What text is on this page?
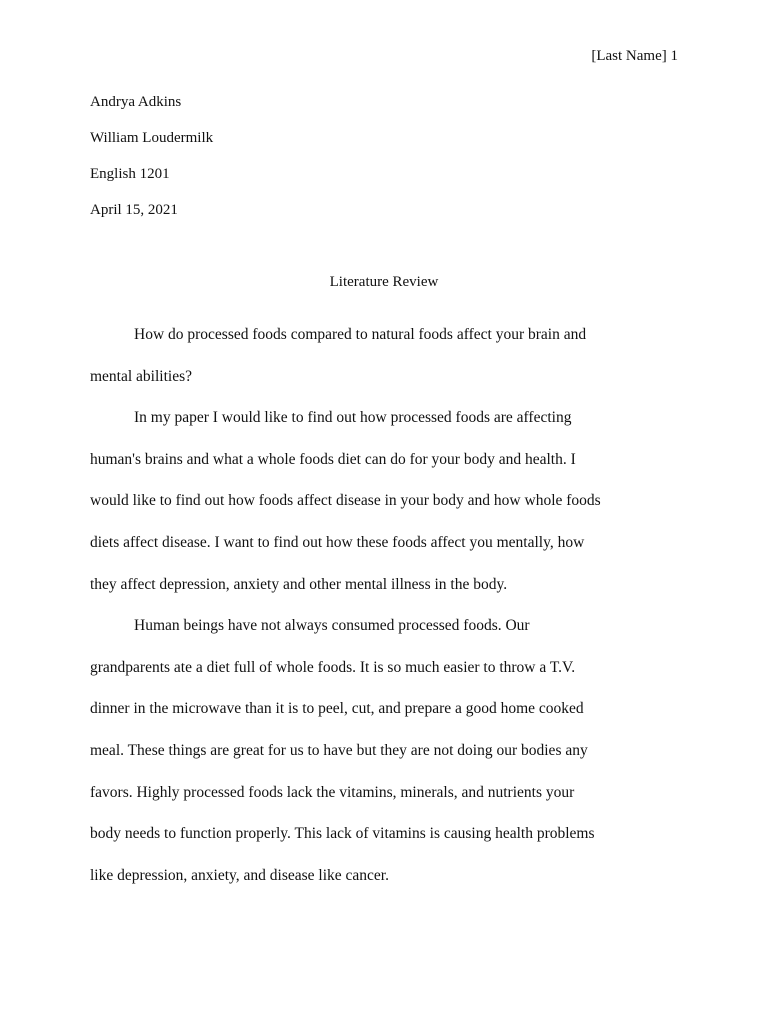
[Last Name] 1
Andrya Adkins
William Loudermilk
English 1201
April 15, 2021
Literature Review

How do processed foods compared to natural foods affect your brain and
mental abilities?

In my paper I would like to find out how processed foods are affecting
human's brains and what a whole foods diet can do for your body and health. I
would like to find out how foods affect disease in your body and how whole foods
diets affect disease. I want to find out how these foods affect you mentally, how
they affect depression, anxiety and other mental illness in the body.

Human beings have not always consumed processed foods. Our
grandparents ate a diet full of whole foods. It is so much easier to throw a T.V.
dinner in the microwave than it is to peel, cut, and prepare a good home cooked
meal. These things are great for us to have but they are not doing our bodies any
favors. Highly processed foods lack the vitamins, minerals, and nutrients your
body needs to function properly. This lack of vitamins is causing health problems
like depression, anxiety, and disease like cancer.
